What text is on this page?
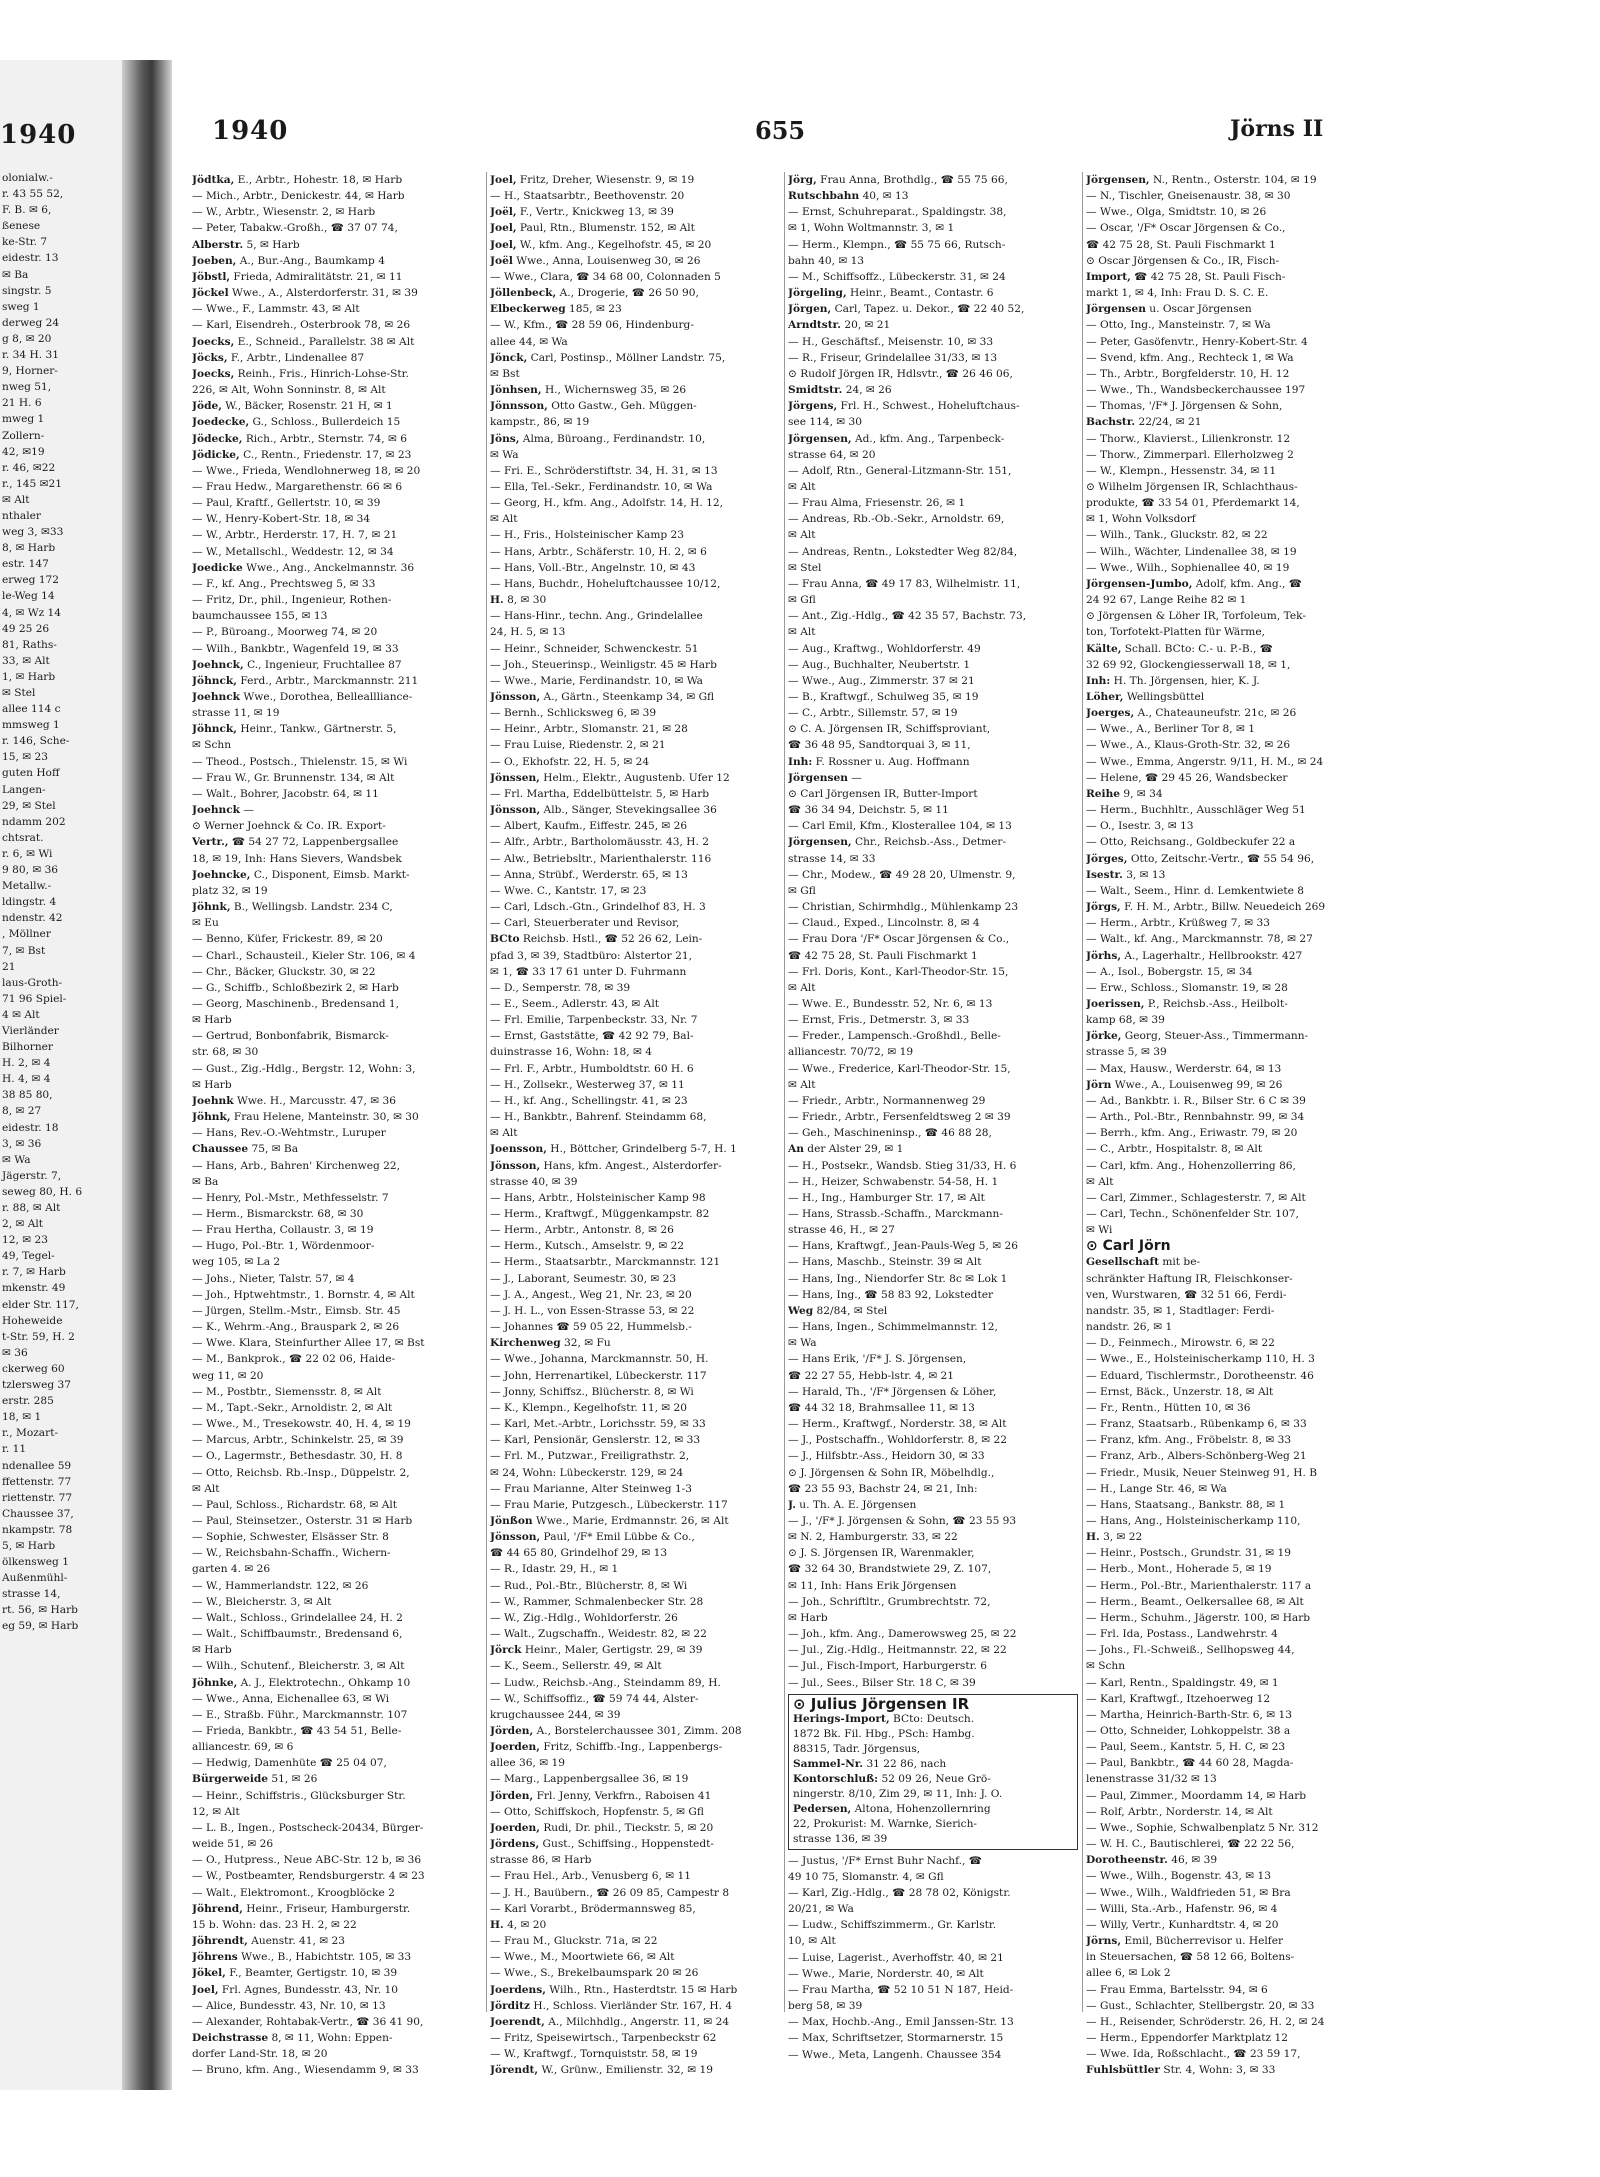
1940
olonialw.-
r. 43 55 52,
F. B. ✉ 6,
ßenese
ke-Str. 7
eidestr. 13
✉ Ba
singstr. 5
sweg 1
derweg 24
g 8, ✉ 20
r. 34 H. 31
9, Horner-
nweg 51,
21 H. 6
mweg 1
Zollern-
42, ✉19
r. 46, ✉22
r., 145 ✉21
✉ Alt
nthaler
weg 3, ✉33
8, ✉ Harb
estr. 147
erweg 172
le-Weg 14
4, ✉ Wz 14
49 25 26
81, Raths-
33, ✉ Alt
1, ✉ Harb
✉ Stel
allee 114 c
mmsweg 1
r. 146, Sche-
15, ✉ 23
guten Hoff
Langen-
29, ✉ Stel
ndamm 202
chtsrat.
r. 6, ✉ Wi
9 80, ✉ 36
Metallw.-
ldingstr. 4
ndenstr. 42
, Möllner
7, ✉ Bst
21
laus-Groth-
71 96 Spiel-
4 ✉ Alt
Vierländer
Bilhorner
H. 2, ✉ 4
H. 4, ✉ 4
38 85 80,
8, ✉ 27
eidestr. 18
3, ✉ 36
✉ Wa
Jägerstr. 7,
seweg 80, H. 6
r. 88, ✉ Alt
2, ✉ Alt
12, ✉ 23
49, Tegel-
r. 7, ✉ Harb
mkenstr. 49
elder Str. 117,
Hoheweide
t-Str. 59, H. 2
✉ 36
ckerweg 60
tzlersweg 37
erstr. 285
18, ✉ 1
r., Mozart-
r. 11
ndenallee 59
ffettenstr. 77
riettenstr. 77
Chaussee 37,
nkampstr. 78
5, ✉ Harb
ölkensweg 1
Außenmühl-
strasse 14,
rt. 56, ✉ Harb
eg 59, ✉ Harb
1940	655	Jörns II
Jödtka, E., Arbtr., Hohestr. 18, ✉ Harb
— Mich., Arbtr., Denickestr. 44, ✉ Harb
— W., Arbtr., Wiesenstr. 2, ✉ Harb
— Peter, Tabakw.-Großh., ☎ 37 07 74,
Alberstr. 5, ✉ Harb
Joeben, A., Bur.-Ang., Baumkamp 4
Jöbstl, Frieda, Admiralitätstr. 21, ✉ 11
Jöckel Wwe., A., Alsterdorferstr. 31, ✉ 39
— Wwe., F., Lammstr. 43, ✉ Alt
— Karl, Eisendreh., Osterbrook 78, ✉ 26
Joecks, E., Schneid., Parallelstr. 38 ✉ Alt
Jöcks, F., Arbtr., Lindenallee 87
Joecks, Reinh., Fris., Hinrich-Lohse-Str.
226, ✉ Alt, Wohn Sonninstr. 8, ✉ Alt
Jöde, W., Bäcker, Rosenstr. 21 H, ✉ 1
Joedecke, G., Schloss., Bullerdeich 15
Jödecke, Rich., Arbtr., Sternstr. 74, ✉ 6
Jödicke, C., Rentn., Friedenstr. 17, ✉ 23
— Wwe., Frieda, Wendlohnerweg 18, ✉ 20
— Frau Hedw., Margarethenstr. 66 ✉ 6
— Paul, Kraftf., Gellertstr. 10, ✉ 39
— W., Henry-Kobert-Str. 18, ✉ 34
— W., Arbtr., Herderstr. 17, H. 7, ✉ 21
— W., Metallschl., Weddestr. 12, ✉ 34
Joedicke Wwe., Ang., Anckelmannstr. 36
— F., kf. Ang., Prechtsweg 5, ✉ 33
— Fritz, Dr., phil., Ingenieur, Rothen-
baumchaussee 155, ✉ 13
— P., Büroang., Moorweg 74, ✉ 20
— Wilh., Bankbtr., Wagenfeld 19, ✉ 33
Joehnck, C., Ingenieur, Fruchtallee 87
Jöhnck, Ferd., Arbtr., Marckmannstr. 211
Joehnck Wwe., Dorothea, Belleallliance-
strasse 11, ✉ 19
Jöhnck, Heinr., Tankw., Gärtnerstr. 5,
✉ Schn
— Theod., Postsch., Thielenstr. 15, ✉ Wi
— Frau W., Gr. Brunnenstr. 134, ✉ Alt
— Walt., Bohrer, Jacobstr. 64, ✉ 11
Joehnck —
⊙ Werner Joehnck & Co. IR. Export-
Vertr., ☎ 54 27 72, Lappenbergsallee
18, ✉ 19, Inh: Hans Sievers, Wandsbek
Joehncke, C., Disponent, Eimsb. Markt-
platz 32, ✉ 19
Jöhnk, B., Wellingsb. Landstr. 234 C,
✉ Eu
— Benno, Küfer, Frickestr. 89, ✉ 20
— Charl., Schausteil., Kieler Str. 106, ✉ 4
— Chr., Bäcker, Gluckstr. 30, ✉ 22
— G., Schiffb., Schloßbezirk 2, ✉ Harb
— Georg, Maschinenb., Bredensand 1,
✉ Harb
— Gertrud, Bonbonfabrik, Bismarck-
str. 68, ✉ 30
— Gust., Zig.-Hdlg., Bergstr. 12, Wohn: 3,
✉ Harb
Joehnk Wwe. H., Marcusstr. 47, ✉ 36
Jöhnk, Frau Helene, Manteinstr. 30, ✉ 30
— Hans, Rev.-O.-Wehtmstr., Luruper
Chaussee 75, ✉ Ba
— Hans, Arb., Bahren' Kirchenweg 22,
✉ Ba
— Henry, Pol.-Mstr., Methfesselstr. 7
— Herm., Bismarckstr. 68, ✉ 30
— Frau Hertha, Collaustr. 3, ✉ 19
— Hugo, Pol.-Btr. 1, Wördenmoor-
weg 105, ✉ La 2
— Johs., Nieter, Talstr. 57, ✉ 4
— Joh., Hptwehtmstr., 1. Bornstr. 4, ✉ Alt
— Jürgen, Stellm.-Mstr., Eimsb. Str. 45
— K., Wehrm.-Ang., Brauspark 2, ✉ 26
— Wwe. Klara, Steinfurther Allee 17, ✉ Bst
— M., Bankprok., ☎ 22 02 06, Haide-
weg 11, ✉ 20
— M., Postbtr., Siemensstr. 8, ✉ Alt
— M., Tapt.-Sekr., Arnoldistr. 2, ✉ Alt
— Wwe., M., Tresekowstr. 40, H. 4, ✉ 19
— Marcus, Arbtr., Schinkelstr. 25, ✉ 39
— O., Lagermstr., Bethesdastr. 30, H. 8
— Otto, Reichsb. Rb.-Insp., Düppelstr. 2,
✉ Alt
— Paul, Schloss., Richardstr. 68, ✉ Alt
— Paul, Steinsetzer., Osterstr. 31 ✉ Harb
— Sophie, Schwester, Elsässer Str. 8
— W., Reichsbahn-Schaffn., Wichern-
garten 4. ✉ 26
— W., Hammerlandstr. 122, ✉ 26
— W., Bleicherstr. 3, ✉ Alt
— Walt., Schloss., Grindelallee 24, H. 2
— Walt., Schiffbaumstr., Bredensand 6,
✉ Harb
— Wilh., Schutenf., Bleicherstr. 3, ✉ Alt
Jöhnke, A. J., Elektrotechn., Ohkamp 10
— Wwe., Anna, Eichenallee 63, ✉ Wi
— E., Straßb. Führ., Marckmannstr. 107
— Frieda, Bankbtr., ☎ 43 54 51, Belle-
alliancestr. 69, ✉ 6
— Hedwig, Damenhüte ☎ 25 04 07,
Bürgerweide 51, ✉ 26
— Heinr., Schiffstris., Glücksburger Str.
12, ✉ Alt
— L. B., Ingen., Postscheck-20434, Bürger-
weide 51, ✉ 26
— O., Hutpress., Neue ABC-Str. 12 b, ✉ 36
— W., Postbeamter, Rendsburgerstr. 4 ✉ 23
— Walt., Elektromont., Kroogblöcke 2
Jöhrend, Heinr., Friseur, Hamburgerstr.
15 b. Wohn: das. 23 H. 2, ✉ 22
Jöhrendt, Auenstr. 41, ✉ 23
Jöhrens Wwe., B., Habichtstr. 105, ✉ 33
Jökel, F., Beamter, Gertigstr. 10, ✉ 39
Joel, Frl. Agnes, Bundesstr. 43, Nr. 10
— Alice, Bundesstr. 43, Nr. 10, ✉ 13
— Alexander, Rohtabak-Vertr., ☎ 36 41 90,
Deichstrasse 8, ✉ 11, Wohn: Eppen-
dorfer Land-Str. 18, ✉ 20
— Bruno, kfm. Ang., Wiesendamm 9, ✉ 33
Joel, Fritz, Dreher, Wiesenstr. 9, ✉ 19
— H., Staatsarbtr., Beethovenstr. 20
Joël, F., Vertr., Knickweg 13, ✉ 39
Joel, Paul, Rtn., Blumenstr. 152, ✉ Alt
Joel, W., kfm. Ang., Kegelhofstr. 45, ✉ 20
Joël Wwe., Anna, Louisenweg 30, ✉ 26
— Wwe., Clara, ☎ 34 68 00, Colonnaden 5
Jöllenbeck, A., Drogerie, ☎ 26 50 90,
Elbeckerweg 185, ✉ 23
— W., Kfm., ☎ 28 59 06, Hindenburg-
allee 44, ✉ Wa
Jönck, Carl, Postinsp., Möllner Landstr. 75,
✉ Bst
Jönhsen, H., Wichernsweg 35, ✉ 26
Jönnsson, Otto Gastw., Geh. Müggen-
kampstr., 86, ✉ 19
Jöns, Alma, Büroang., Ferdinandstr. 10,
✉ Wa
— Fri. E., Schröderstiftstr. 34, H. 31, ✉ 13
— Ella, Tel.-Sekr., Ferdinandstr. 10, ✉ Wa
— Georg, H., kfm. Ang., Adolfstr. 14, H. 12,
✉ Alt
— H., Fris., Holsteinischer Kamp 23
— Hans, Arbtr., Schäferstr. 10, H. 2, ✉ 6
— Hans, Voll.-Btr., Angelnstr. 10, ✉ 43
— Hans, Buchdr., Hoheluftchaussee 10/12,
H. 8, ✉ 30
— Hans-Hinr., techn. Ang., Grindelallee
24, H. 5, ✉ 13
— Heinr., Schneider, Schwenckestr. 51
— Joh., Steuerinsp., Weinligstr. 45 ✉ Harb
— Wwe., Marie, Ferdinandstr. 10, ✉ Wa
Jönsson, A., Gärtn., Steenkamp 34, ✉ Gfl
— Bernh., Schlicksweg 6, ✉ 39
— Heinr., Arbtr., Slomanstr. 21, ✉ 28
— Frau Luise, Riedenstr. 2, ✉ 21
— O., Ekhofstr. 22, H. 5, ✉ 24
Jönssen, Helm., Elektr., Augustenb. Ufer 12
— Frl. Martha, Eddelbüttelstr. 5, ✉ Harb
Jönsson, Alb., Sänger, Stevekingsallee 36
— Albert, Kaufm., Eiffestr. 245, ✉ 26
— Alfr., Arbtr., Bartholomäusstr. 43, H. 2
— Alw., Betriebsltr., Marienthalerstr. 116
— Anna, Strübf., Werderstr. 65, ✉ 13
— Wwe. C., Kantstr. 17, ✉ 23
— Carl, Ldsch.-Gtn., Grindelhof 83, H. 3
— Carl, Steuerberater und Revisor,
BCto Reichsb. Hstl., ☎ 52 26 62, Lein-
pfad 3, ✉ 39, Stadtbüro: Alstertor 21,
✉ 1, ☎ 33 17 61 unter D. Fuhrmann
— D., Semperstr. 78, ✉ 39
— E., Seem., Adlerstr. 43, ✉ Alt
— Frl. Emilie, Tarpenbeckstr. 33, Nr. 7
— Ernst, Gaststätte, ☎ 42 92 79, Bal-
duinstrasse 16, Wohn: 18, ✉ 4
— Frl. F., Arbtr., Humboldtstr. 60 H. 6
— H., Zollsekr., Westerweg 37, ✉ 11
— H., kf. Ang., Schellingstr. 41, ✉ 23
— H., Bankbtr., Bahrenf. Steindamm 68,
✉ Alt
Joensson, H., Böttcher, Grindelberg 5-7, H. 1
Jönsson, Hans, kfm. Angest., Alsterdorfer-
strasse 40, ✉ 39
— Hans, Arbtr., Holsteinischer Kamp 98
— Herm., Kraftwgf., Müggenkampstr. 82
— Herm., Arbtr., Antonstr. 8, ✉ 26
— Herm., Kutsch., Amselstr. 9, ✉ 22
— Herm., Staatsarbtr., Marckmannstr. 121
— J., Laborant, Seumestr. 30, ✉ 23
— J. A., Angest., Weg 21, Nr. 23, ✉ 20
— J. H. L., von Essen-Strasse 53, ✉ 22
— Johannes ☎ 59 05 22, Hummelsb.-
Kirchenweg 32, ✉ Fu
— Wwe., Johanna, Marckmannstr. 50, H.
— John, Herrenartikel, Lübeckerstr. 117
— Jonny, Schiffsz., Blücherstr. 8, ✉ Wi
— K., Klempn., Kegelhofstr. 11, ✉ 20
— Karl, Met.-Arbtr., Lorichsstr. 59, ✉ 33
— Karl, Pensionär, Genslerstr. 12, ✉ 33
— Frl. M., Putzwar., Freiligrathstr. 2,
✉ 24, Wohn: Lübeckerstr. 129, ✉ 24
— Frau Marianne, Alter Steinweg 1-3
— Frau Marie, Putzgesch., Lübeckerstr. 117
Jönßon Wwe., Marie, Erdmannstr. 26, ✉ Alt
Jönsson, Paul, '/F* Emil Lübbe & Co.,
☎ 44 65 80, Grindelhof 29, ✉ 13
— R., Idastr. 29, H., ✉ 1
— Rud., Pol.-Btr., Blücherstr. 8, ✉ Wi
— W., Rammer, Schmalenbecker Str. 28
— W., Zig.-Hdlg., Wohldorferstr. 26
— Walt., Zugschaffn., Weidestr. 82, ✉ 22
Jörck Heinr., Maler, Gertigstr. 29, ✉ 39
— K., Seem., Sellerstr. 49, ✉ Alt
— Ludw., Reichsb.-Ang., Steindamm 89, H.
— W., Schiffsoffiz., ☎ 59 74 44, Alster-
krugchaussee 244, ✉ 39
Jörden, A., Borstelerchaussee 301, Zimm. 208
Joerden, Fritz, Schiffb.-Ing., Lappenbergs-
allee 36, ✉ 19
— Marg., Lappenbergsallee 36, ✉ 19
Jörden, Frl. Jenny, Verkfrn., Raboisen 41
— Otto, Schiffskoch, Hopfenstr. 5, ✉ Gfl
Joerden, Rudi, Dr. phil., Tieckstr. 5, ✉ 20
Jördens, Gust., Schiffsing., Hoppenstedt-
strasse 86, ✉ Harb
— Frau Hel., Arb., Venusberg 6, ✉ 11
— J. H., Bauübern., ☎ 26 09 85, Campestr 8
— Karl Vorarbt., Brödermannsweg 85,
H. 4, ✉ 20
— Frau M., Gluckstr. 71a, ✉ 22
— Wwe., M., Moortwiete 66, ✉ Alt
— Wwe., S., Brekelbaumspark 20 ✉ 26
Joerdens, Wilh., Rtn., Hasterdtstr. 15 ✉ Harb
Jörditz H., Schloss. Vierländer Str. 167, H. 4
Joerendt, A., Milchhdlg., Angerstr. 11, ✉ 24
— Fritz, Speisewirtsch., Tarpenbeckstr 62
— W., Kraftwgf., Tornquiststr. 58, ✉ 19
Jörendt, W., Grünw., Emilienstr. 32, ✉ 19
Jörg, Frau Anna, Brothdlg., ☎ 55 75 66,
Rutschbahn 40, ✉ 13
— Ernst, Schuhreparat., Spaldingstr. 38,
✉ 1, Wohn Woltmannstr. 3, ✉ 1
— Herm., Klempn., ☎ 55 75 66, Rutsch-
bahn 40, ✉ 13
— M., Schiffsoffz., Lübeckerstr. 31, ✉ 24
Jörgeling, Heinr., Beamt., Contastr. 6
Jörgen, Carl, Tapez. u. Dekor., ☎ 22 40 52,
Arndtstr. 20, ✉ 21
— H., Geschäftsf., Meisenstr. 10, ✉ 33
— R., Friseur, Grindelallee 31/33, ✉ 13
⊙ Rudolf Jörgen IR, Hdlsvtr., ☎ 26 46 06,
Smidtstr. 24, ✉ 26
Jörgens, Frl. H., Schwest., Hoheluftchaus-
see 114, ✉ 30
Jörgensen, Ad., kfm. Ang., Tarpenbeck-
strasse 64, ✉ 20
— Adolf, Rtn., General-Litzmann-Str. 151,
✉ Alt
— Frau Alma, Friesenstr. 26, ✉ 1
— Andreas, Rb.-Ob.-Sekr., Arnoldstr. 69,
✉ Alt
— Andreas, Rentn., Lokstedter Weg 82/84,
✉ Stel
— Frau Anna, ☎ 49 17 83, Wilhelmistr. 11,
✉ Gfl
— Ant., Zig.-Hdlg., ☎ 42 35 57, Bachstr. 73,
✉ Alt
— Aug., Kraftwg., Wohldorferstr. 49
— Aug., Buchhalter, Neubertstr. 1
— Wwe., Aug., Zimmerstr. 37 ✉ 21
— B., Kraftwgf., Schulweg 35, ✉ 19
— C., Arbtr., Sillemstr. 57, ✉ 19
⊙ C. A. Jörgensen IR, Schiffsproviant,
☎ 36 48 95, Sandtorquai 3, ✉ 11,
Inh: F. Rossner u. Aug. Hoffmann
Jörgensen —
⊙ Carl Jörgensen IR, Butter-Import
☎ 36 34 94, Deichstr. 5, ✉ 11
— Carl Emil, Kfm., Klosterallee 104, ✉ 13
Jörgensen, Chr., Reichsb.-Ass., Detmer-
strasse 14, ✉ 33
— Chr., Modew., ☎ 49 28 20, Ulmenstr. 9,
✉ Gfl
— Christian, Schirmhdlg., Mühlenkamp 23
— Claud., Exped., Lincolnstr. 8, ✉ 4
— Frau Dora '/F* Oscar Jörgensen & Co.,
☎ 42 75 28, St. Pauli Fischmarkt 1
— Frl. Doris, Kont., Karl-Theodor-Str. 15,
✉ Alt
— Wwe. E., Bundesstr. 52, Nr. 6, ✉ 13
— Ernst, Fris., Detmerstr. 3, ✉ 33
— Freder., Lampensch.-Großhdl., Belle-
alliancestr. 70/72, ✉ 19
— Wwe., Frederice, Karl-Theodor-Str. 15,
✉ Alt
— Friedr., Arbtr., Normannenweg 29
— Friedr., Arbtr., Fersenfeldtsweg 2 ✉ 39
— Geh., Maschineninsp., ☎ 46 88 28,
An der Alster 29, ✉ 1
— H., Postsekr., Wandsb. Stieg 31/33, H. 6
— H., Heizer, Schwabenstr. 54-58, H. 1
— H., Ing., Hamburger Str. 17, ✉ Alt
— Hans, Strassb.-Schaffn., Marckmann-
strasse 46, H., ✉ 27
— Hans, Kraftwgf., Jean-Pauls-Weg 5, ✉ 26
— Hans, Maschb., Steinstr. 39 ✉ Alt
— Hans, Ing., Niendorfer Str. 8c ✉ Lok 1
— Hans, Ing., ☎ 58 83 92, Lokstedter
Weg 82/84, ✉ Stel
— Hans, Ingen., Schimmelmannstr. 12,
✉ Wa
— Hans Erik, '/F* J. S. Jörgensen,
☎ 22 27 55, Hebb-lstr. 4, ✉ 21
— Harald, Th., '/F* Jörgensen & Löher,
☎ 44 32 18, Brahmsallee 11, ✉ 13
— Herm., Kraftwgf., Norderstr. 38, ✉ Alt
— J., Postschaffn., Wohldorferstr. 8, ✉ 22
— J., Hilfsbtr.-Ass., Heidorn 30, ✉ 33
⊙ J. Jörgensen & Sohn IR, Möbelhdlg.,
☎ 23 55 93, Bachstr 24, ✉ 21, Inh:
J. u. Th. A. E. Jörgensen
— J., '/F* J. Jörgensen & Sohn, ☎ 23 55 93
✉ N. 2, Hamburgerstr. 33, ✉ 22
⊙ J. S. Jörgensen IR, Warenmakler,
☎ 32 64 30, Brandstwiete 29, Z. 107,
✉ 11, Inh: Hans Erik Jörgensen
— Joh., Schriftltr., Grumbrechtstr. 72,
✉ Harb
— Joh., kfm. Ang., Damerowsweg 25, ✉ 22
— Jul., Zig.-Hdlg., Heitmannstr. 22, ✉ 22
— Jul., Fisch-Import, Harburgerstr. 6
— Jul., Sees., Bilser Str. 18 C, ✉ 39
⊙ Julius Jörgensen IR
Herings-Import, BCto: Deutsch.
1872 Bk. Fil. Hbg., PSch: Hambg.
88315, Tadr. Jörgensus,
Sammel-Nr. 31 22 86, nach
Kontorschluß: 52 09 26, Neue Grö-
ningerstr. 8/10, Zim 29, ✉ 11, Inh: J. O.
Pedersen, Altona, Hohenzollernring
22, Prokurist: M. Warnke, Sierich-
strasse 136, ✉ 39
— Justus, '/F* Ernst Buhr Nachf., ☎
49 10 75, Slomanstr. 4, ✉ Gfl
— Karl, Zig.-Hdlg., ☎ 28 78 02, Königstr.
20/21, ✉ Wa
— Ludw., Schiffszimmerm., Gr. Karlstr.
10, ✉ Alt
— Luise, Lagerist., Averhoffstr. 40, ✉ 21
— Wwe., Marie, Norderstr. 40, ✉ Alt
— Frau Martha, ☎ 52 10 51 N 187, Heid-
berg 58, ✉ 39
— Max, Hochb.-Ang., Emil Janssen-Str. 13
— Max, Schriftsetzer, Stormarnerstr. 15
— Wwe., Meta, Langenh. Chaussee 354
Jörgensen, N., Rentn., Osterstr. 104, ✉ 19
— N., Tischler, Gneisenaustr. 38, ✉ 30
— Wwe., Olga, Smidtstr. 10, ✉ 26
— Oscar, '/F* Oscar Jörgensen & Co.,
☎ 42 75 28, St. Pauli Fischmarkt 1
⊙ Oscar Jörgensen & Co., IR, Fisch-
Import, ☎ 42 75 28, St. Pauli Fisch-
markt 1, ✉ 4, Inh: Frau D. S. C. E.
Jörgensen u. Oscar Jörgensen
— Otto, Ing., Mansteinstr. 7, ✉ Wa
— Peter, Gasöfenvtr., Henry-Kobert-Str. 4
— Svend, kfm. Ang., Rechteck 1, ✉ Wa
— Th., Arbtr., Borgfelderstr. 10, H. 12
— Wwe., Th., Wandsbeckerchaussee 197
— Thomas, '/F* J. Jörgensen & Sohn,
Bachstr. 22/24, ✉ 21
— Thorw., Klavierst., Lilienkronstr. 12
— Thorw., Zimmerparl. Ellerholzweg 2
— W., Klempn., Hessenstr. 34, ✉ 11
⊙ Wilhelm Jörgensen IR, Schlachthaus-
produkte, ☎ 33 54 01, Pferdemarkt 14,
✉ 1, Wohn Volksdorf
— Wilh., Tank., Gluckstr. 82, ✉ 22
— Wilh., Wächter, Lindenallee 38, ✉ 19
— Wwe., Wilh., Sophienallee 40, ✉ 19
Jörgensen-Jumbo, Adolf, kfm. Ang., ☎
24 92 67, Lange Reihe 82 ✉ 1
⊙ Jörgensen & Löher IR, Torfoleum, Tek-
ton, Torfotekt-Platten für Wärme,
Kälte, Schall. BCto: C.- u. P.-B., ☎
32 69 92, Glockengiesserwall 18, ✉ 1,
Inh: H. Th. Jörgensen, hier, K. J.
Löher, Wellingsbüttel
Joerges, A., Chateauneufstr. 21c, ✉ 26
— Wwe., A., Berliner Tor 8, ✉ 1
— Wwe., A., Klaus-Groth-Str. 32, ✉ 26
— Wwe., Emma, Angerstr. 9/11, H. M., ✉ 24
— Helene, ☎ 29 45 26, Wandsbecker
Reihe 9, ✉ 34
— Herm., Buchhltr., Ausschläger Weg 51
— O., Isestr. 3, ✉ 13
— Otto, Reichsang., Goldbeckufer 22 a
Jörges, Otto, Zeitschr.-Vertr., ☎ 55 54 96,
Isestr. 3, ✉ 13
— Walt., Seem., Hinr. d. Lemkentwiete 8
Jörgs, F. H. M., Arbtr., Billw. Neuedeich 269
— Herm., Arbtr., Krüßweg 7, ✉ 33
— Walt., kf. Ang., Marckmannstr. 78, ✉ 27
Jörhs, A., Lagerhaltr., Hellbrookstr. 427
— A., Isol., Bobergstr. 15, ✉ 34
— Erw., Schloss., Slomanstr. 19, ✉ 28
Joerissen, P., Reichsb.-Ass., Heilbolt-
kamp 68, ✉ 39
Jörke, Georg, Steuer-Ass., Timmermann-
strasse 5, ✉ 39
— Max, Hausw., Werderstr. 64, ✉ 13
Jörn Wwe., A., Louisenweg 99, ✉ 26
— Ad., Bankbtr. i. R., Bilser Str. 6 C ✉ 39
— Arth., Pol.-Btr., Rennbahnstr. 99, ✉ 34
— Berrh., kfm. Ang., Eriwastr. 79, ✉ 20
— C., Arbtr., Hospitalstr. 8, ✉ Alt
— Carl, kfm. Ang., Hohenzollerring 86,
✉ Alt
— Carl, Zimmer., Schlagesterstr. 7, ✉ Alt
— Carl, Techn., Schönenfelder Str. 107,
✉ Wi
⊙ Carl Jörn
Gesellschaft mit be-
schränkter Haftung IR, Fleischkonser-
ven, Wurstwaren, ☎ 32 51 66, Ferdi-
nandstr. 35, ✉ 1, Stadtlager: Ferdi-
nandstr. 26, ✉ 1
— D., Feinmech., Mirowstr. 6, ✉ 22
— Wwe., E., Holsteinischerkamp 110, H. 3
— Eduard, Tischlermstr., Dorotheenstr. 46
— Ernst, Bäck., Unzerstr. 18, ✉ Alt
— Fr., Rentn., Hütten 10, ✉ 36
— Franz, Staatsarb., Rübenkamp 6, ✉ 33
— Franz, kfm. Ang., Fröbelstr. 8, ✉ 33
— Franz, Arb., Albers-Schönberg-Weg 21
— Friedr., Musik, Neuer Steinweg 91, H. B
— H., Lange Str. 46, ✉ Wa
— Hans, Staatsang., Bankstr. 88, ✉ 1
— Hans, Ang., Holsteinischerkamp 110,
H. 3, ✉ 22
— Heinr., Postsch., Grundstr. 31, ✉ 19
— Herb., Mont., Hoherade 5, ✉ 19
— Herm., Pol.-Btr., Marienthalerstr. 117 a
— Herm., Beamt., Oelkersallee 68, ✉ Alt
— Herm., Schuhm., Jägerstr. 100, ✉ Harb
— Frl. Ida, Postass., Landwehrstr. 4
— Johs., Fl.-Schweiß., Sellhopsweg 44,
✉ Schn
— Karl, Rentn., Spaldingstr. 49, ✉ 1
— Karl, Kraftwgf., Itzehoerweg 12
— Martha, Heinrich-Barth-Str. 6, ✉ 13
— Otto, Schneider, Lohkoppelstr. 38 a
— Paul, Seem., Kantstr. 5, H. C, ✉ 23
— Paul, Bankbtr., ☎ 44 60 28, Magda-
lenenstrasse 31/32 ✉ 13
— Paul, Zimmer., Moordamm 14, ✉ Harb
— Rolf, Arbtr., Norderstr. 14, ✉ Alt
— Wwe., Sophie, Schwalbenplatz 5 Nr. 312
— W. H. C., Bautischlerei, ☎ 22 22 56,
Dorotheenstr. 46, ✉ 39
— Wwe., Wilh., Bogenstr. 43, ✉ 13
— Wwe., Wilh., Waldfrieden 51, ✉ Bra
— Willi, Sta.-Arb., Hafenstr. 96, ✉ 4
— Willy, Vertr., Kunhardtstr. 4, ✉ 20
Jörns, Emil, Bücherrevisor u. Helfer
in Steuersachen, ☎ 58 12 66, Boltens-
allee 6, ✉ Lok 2
— Frau Emma, Bartelsstr. 94, ✉ 6
— Gust., Schlachter, Stellbergstr. 20, ✉ 33
— H., Reisender, Schröderstr. 26, H. 2, ✉ 24
— Herm., Eppendorfer Marktplatz 12
— Wwe. Ida, Roßschlacht., ☎ 23 59 17,
Fuhlsbüttler Str. 4, Wohn: 3, ✉ 33
